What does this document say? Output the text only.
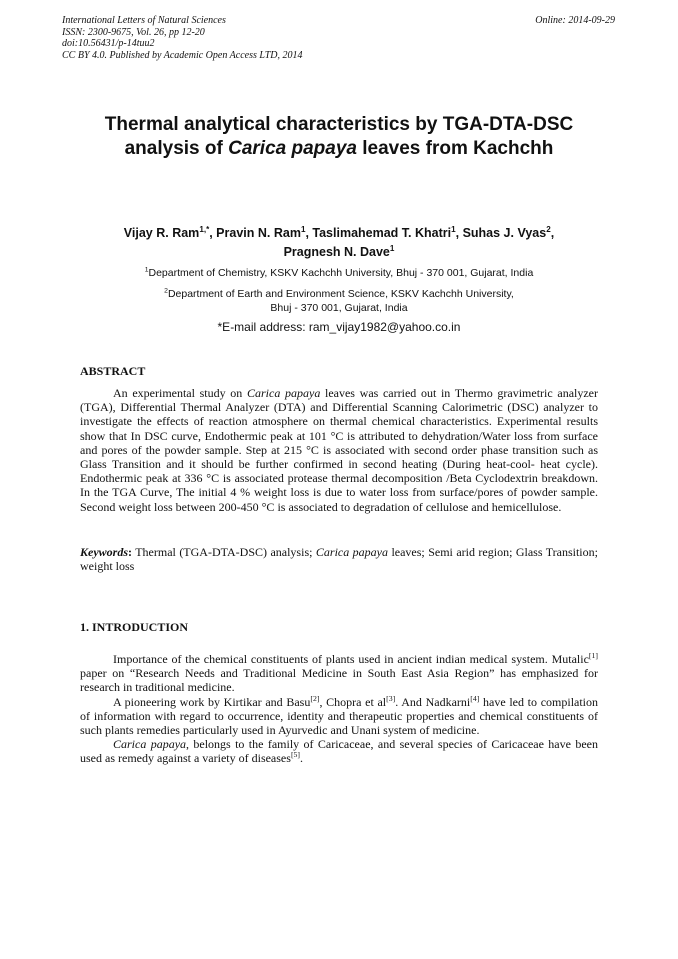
International Letters of Natural Sciences
ISSN: 2300-9675, Vol. 26, pp 12-20
doi:10.56431/p-14tuu2
CC BY 4.0. Published by Academic Open Access LTD, 2014
Online: 2014-09-29
Thermal analytical characteristics by TGA-DTA-DSC
analysis of Carica papaya leaves from Kachchh
Vijay R. Ram$^{1,*}$, Pravin N. Ram$^1$, Taslimahemad T. Khatri$^1$, Suhas J. Vyas$^2$,
Pragnesh N. Dave$^1$
$^1$Department of Chemistry, KSKV Kachchh University, Bhuj - 370 001, Gujarat, India
$^2$Department of Earth and Environment Science, KSKV Kachchh University,
Bhuj - 370 001, Gujarat, India
*E-mail address: ram_vijay1982@yahoo.co.in
ABSTRACT

An experimental study on Carica papaya leaves was carried out in Thermo gravimetric analyzer (TGA), Differential Thermal Analyzer (DTA) and Differential Scanning Calorimetric (DSC) analyzer to investigate the effects of reaction atmosphere on thermal chemical characteristics. Experimental results show that In DSC curve, Endothermic peak at 101 °C is attributed to dehydration/Water loss from surface and pores of the powder sample. Step at 215 °C is associated with second order phase transition such as Glass Transition and it should be further confirmed in second heating (During heat-cool- heat cycle). Endothermic peak at 336 °C is associated protease thermal decomposition /Beta Cyclodextrin breakdown. In the TGA Curve, The initial 4 % weight loss is due to water loss from surface/pores of powder sample. Second weight loss between 200-450 °C is associated to degradation of cellulose and hemicellulose.

Keywords: Thermal (TGA-DTA-DSC) analysis; Carica papaya leaves; Semi arid region; Glass Transition; weight loss

1. INTRODUCTION

Importance of the chemical constituents of plants used in ancient indian medical system. Mutalic[1] paper on “Research Needs and Traditional Medicine in South East Asia Region” has emphasized for research in traditional medicine.

A pioneering work by Kirtikar and Basu[2], Chopra et al[3]. And Nadkarni[4] have led to compilation of information with regard to occurrence, identity and therapeutic properties and chemical constituents of such plants remedies particularly used in Ayurvedic and Unani system of medicine.

Carica papaya, belongs to the family of Caricaceae, and several species of Caricaceae have been used as remedy against a variety of diseases[5].
